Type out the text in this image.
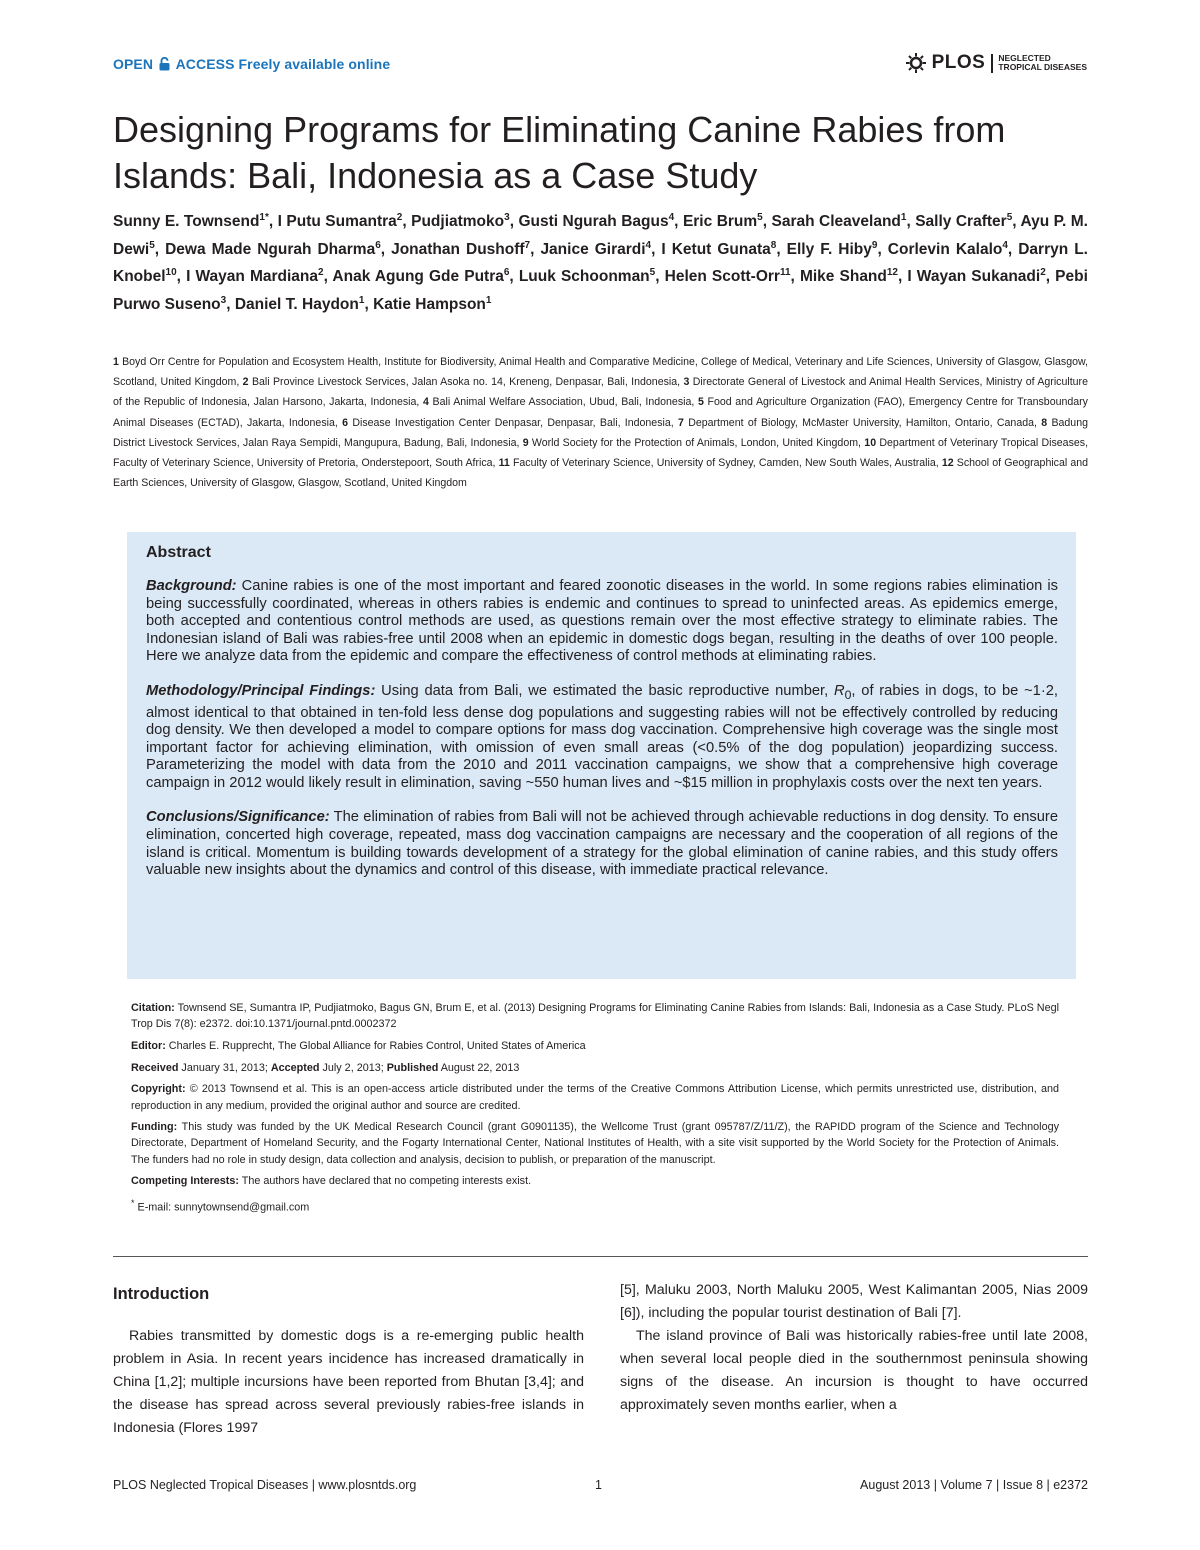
OPEN ACCESS Freely available online	PLOS	NEGLECTED
TROPICAL DISEASES
Designing Programs for Eliminating Canine Rabies from Islands: Bali, Indonesia as a Case Study
Sunny E. Townsend$^{1*}$, I Putu Sumantra$^2$, Pudjiatmoko$^3$, Gusti Ngurah Bagus$^4$, Eric Brum$^5$, Sarah Cleaveland$^1$, Sally Crafter$^5$, Ayu P. M. Dewi$^5$, Dewa Made Ngurah Dharma$^6$, Jonathan Dushoff$^7$, Janice Girardi$^4$, I Ketut Gunata$^8$, Elly F. Hiby$^9$, Corlevin Kalalo$^4$, Darryn L. Knobel$^{10}$, I Wayan Mardiana$^2$, Anak Agung Gde Putra$^6$, Luuk Schoonman$^5$, Helen Scott-Orr$^{11}$, Mike Shand$^{12}$, I Wayan Sukanadi$^2$, Pebi Purwo Suseno$^3$, Daniel T. Haydon$^1$, Katie Hampson$^1$
1 Boyd Orr Centre for Population and Ecosystem Health, Institute for Biodiversity, Animal Health and Comparative Medicine, College of Medical, Veterinary and Life Sciences, University of Glasgow, Glasgow, Scotland, United Kingdom, 2 Bali Province Livestock Services, Jalan Asoka no. 14, Kreneng, Denpasar, Bali, Indonesia, 3 Directorate General of Livestock and Animal Health Services, Ministry of Agriculture of the Republic of Indonesia, Jalan Harsono, Jakarta, Indonesia, 4 Bali Animal Welfare Association, Ubud, Bali, Indonesia, 5 Food and Agriculture Organization (FAO), Emergency Centre for Transboundary Animal Diseases (ECTAD), Jakarta, Indonesia, 6 Disease Investigation Center Denpasar, Denpasar, Bali, Indonesia, 7 Department of Biology, McMaster University, Hamilton, Ontario, Canada, 8 Badung District Livestock Services, Jalan Raya Sempidi, Mangupura, Badung, Bali, Indonesia, 9 World Society for the Protection of Animals, London, United Kingdom, 10 Department of Veterinary Tropical Diseases, Faculty of Veterinary Science, University of Pretoria, Onderstepoort, South Africa, 11 Faculty of Veterinary Science, University of Sydney, Camden, New South Wales, Australia, 12 School of Geographical and Earth Sciences, University of Glasgow, Glasgow, Scotland, United Kingdom
Abstract

Background: Canine rabies is one of the most important and feared zoonotic diseases in the world. In some regions rabies elimination is being successfully coordinated, whereas in others rabies is endemic and continues to spread to uninfected areas. As epidemics emerge, both accepted and contentious control methods are used, as questions remain over the most effective strategy to eliminate rabies. The Indonesian island of Bali was rabies-free until 2008 when an epidemic in domestic dogs began, resulting in the deaths of over 100 people. Here we analyze data from the epidemic and compare the effectiveness of control methods at eliminating rabies.

Methodology/Principal Findings: Using data from Bali, we estimated the basic reproductive number, $R_0$, of rabies in dogs, to be ~1·2, almost identical to that obtained in ten-fold less dense dog populations and suggesting rabies will not be effectively controlled by reducing dog density. We then developed a model to compare options for mass dog vaccination. Comprehensive high coverage was the single most important factor for achieving elimination, with omission of even small areas (<0.5% of the dog population) jeopardizing success. Parameterizing the model with data from the 2010 and 2011 vaccination campaigns, we show that a comprehensive high coverage campaign in 2012 would likely result in elimination, saving ~550 human lives and ~$15 million in prophylaxis costs over the next ten years.

Conclusions/Significance: The elimination of rabies from Bali will not be achieved through achievable reductions in dog density. To ensure elimination, concerted high coverage, repeated, mass dog vaccination campaigns are necessary and the cooperation of all regions of the island is critical. Momentum is building towards development of a strategy for the global elimination of canine rabies, and this study offers valuable new insights about the dynamics and control of this disease, with immediate practical relevance.

Citation: Townsend SE, Sumantra IP, Pudjiatmoko, Bagus GN, Brum E, et al. (2013) Designing Programs for Eliminating Canine Rabies from Islands: Bali, Indonesia as a Case Study. PLoS Negl Trop Dis 7(8): e2372. doi:10.1371/journal.pntd.0002372

Editor: Charles E. Rupprecht, The Global Alliance for Rabies Control, United States of America

Received January 31, 2013; Accepted July 2, 2013; Published August 22, 2013

Copyright: © 2013 Townsend et al. This is an open-access article distributed under the terms of the Creative Commons Attribution License, which permits unrestricted use, distribution, and reproduction in any medium, provided the original author and source are credited.

Funding: This study was funded by the UK Medical Research Council (grant G0901135), the Wellcome Trust (grant 095787/Z/11/Z), the RAPIDD program of the Science and Technology Directorate, Department of Homeland Security, and the Fogarty International Center, National Institutes of Health, with a site visit supported by the World Society for the Protection of Animals. The funders had no role in study design, data collection and analysis, decision to publish, or preparation of the manuscript.

Competing Interests: The authors have declared that no competing interests exist.

* E-mail: sunnytownsend@gmail.com

Introduction
Rabies transmitted by domestic dogs is a re-emerging public health problem in Asia. In recent years incidence has increased dramatically in China [1,2]; multiple incursions have been reported from Bhutan [3,4]; and the disease has spread across several previously rabies-free islands in Indonesia (Flores 1997

[5], Maluku 2003, North Maluku 2005, West Kalimantan 2005, Nias 2009 [6]), including the popular tourist destination of Bali [7].

The island province of Bali was historically rabies-free until late 2008, when several local people died in the southernmost peninsula showing signs of the disease. An incursion is thought to have occurred approximately seven months earlier, when a

PLOS Neglected Tropical Diseases | www.plosntds.org	1	August 2013 | Volume 7 | Issue 8 | e2372
